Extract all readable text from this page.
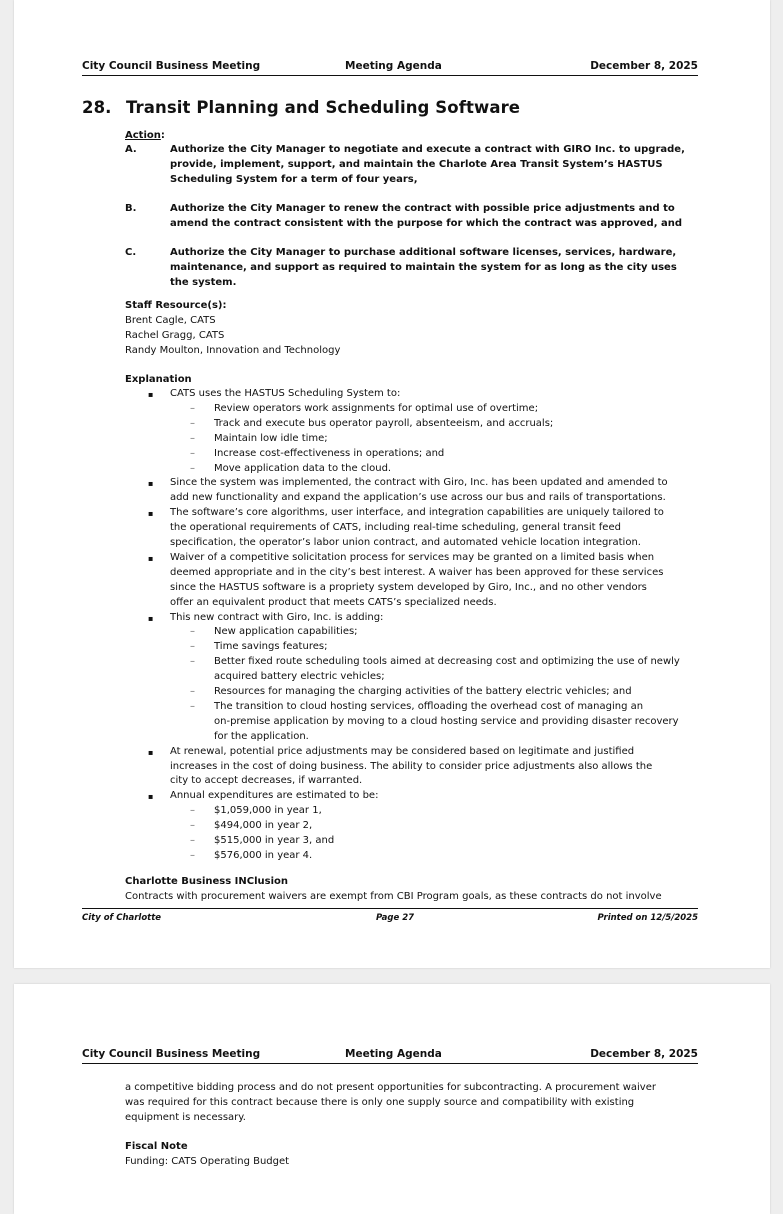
City Council Business Meeting	Meeting Agenda	December 8, 2025
28. Transit Planning and Scheduling Software
Action:
A.	Authorize the City Manager to negotiate and execute a contract with GIRO Inc. to upgrade,
provide, implement, support, and maintain the Charlote Area Transit System’s HASTUS
Scheduling System for a term of four years,
B.	Authorize the City Manager to renew the contract with possible price adjustments and to
amend the contract consistent with the purpose for which the contract was approved, and
C.	Authorize the City Manager to purchase additional software licenses, services, hardware,
maintenance, and support as required to maintain the system for as long as the city uses
the system.
Staff Resource(s):
Brent Cagle, CATS
Rachel Gragg, CATS
Randy Moulton, Innovation and Technology
Explanation
▪ CATS uses the HASTUS Scheduling System to:
– Review operators work assignments for optimal use of overtime;
– Track and execute bus operator payroll, absenteeism, and accruals;
– Maintain low idle time;
– Increase cost-effectiveness in operations; and
– Move application data to the cloud.
▪ Since the system was implemented, the contract with Giro, Inc. has been updated and amended to
add new functionality and expand the application’s use across our bus and rails of transportations.
▪ The software’s core algorithms, user interface, and integration capabilities are uniquely tailored to
the operational requirements of CATS, including real-time scheduling, general transit feed
specification, the operator’s labor union contract, and automated vehicle location integration.
▪ Waiver of a competitive solicitation process for services may be granted on a limited basis when
deemed appropriate and in the city’s best interest. A waiver has been approved for these services
since the HASTUS software is a propriety system developed by Giro, Inc., and no other vendors
offer an equivalent product that meets CATS’s specialized needs.
▪ This new contract with Giro, Inc. is adding:
– New application capabilities;
– Time savings features;
– Better fixed route scheduling tools aimed at decreasing cost and optimizing the use of newly
acquired battery electric vehicles;
– Resources for managing the charging activities of the battery electric vehicles; and
– The transition to cloud hosting services, offloading the overhead cost of managing an
on-premise application by moving to a cloud hosting service and providing disaster recovery
for the application.
▪ At renewal, potential price adjustments may be considered based on legitimate and justified
increases in the cost of doing business. The ability to consider price adjustments also allows the
city to accept decreases, if warranted.
▪ Annual expenditures are estimated to be:
– $1,059,000 in year 1,
– $494,000 in year 2,
– $515,000 in year 3, and
– $576,000 in year 4.
Charlotte Business INClusion
Contracts with procurement waivers are exempt from CBI Program goals, as these contracts do not involve
City of Charlotte	Page 27	Printed on 12/5/2025
City Council Business Meeting	Meeting Agenda	December 8, 2025
a competitive bidding process and do not present opportunities for subcontracting. A procurement waiver
was required for this contract because there is only one supply source and compatibility with existing
equipment is necessary.
Fiscal Note
Funding: CATS Operating Budget
